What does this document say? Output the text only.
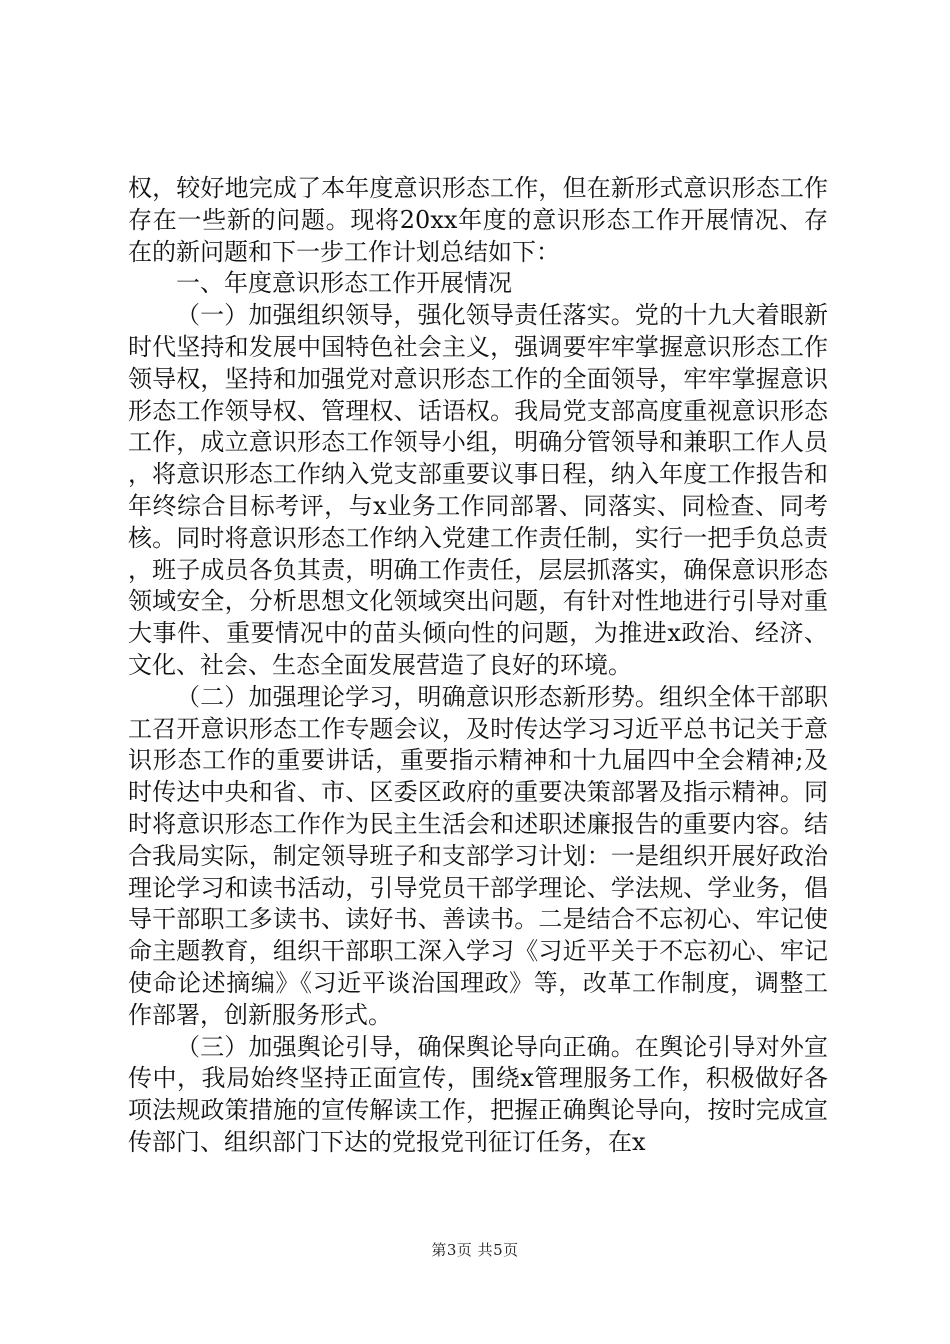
权，较好地完成了本年度意识形态工作，但在新形式意识形态工作存在一些新的问题。现将20xx年度的意识形态工作开展情况、存在的新问题和下一步工作计划总结如下：

一、年度意识形态工作开展情况

（一）加强组织领导，强化领导责任落实。党的十九大着眼新时代坚持和发展中国特色社会主义，强调要牢牢掌握意识形态工作领导权，坚持和加强党对意识形态工作的全面领导，牢牢掌握意识形态工作领导权、管理权、话语权。我局党支部高度重视意识形态工作，成立意识形态工作领导小组，明确分管领导和兼职工作人员，将意识形态工作纳入党支部重要议事日程，纳入年度工作报告和年终综合目标考评，与x业务工作同部署、同落实、同检查、同考核。同时将意识形态工作纳入党建工作责任制，实行一把手负总责，班子成员各负其责，明确工作责任，层层抓落实，确保意识形态领域安全，分析思想文化领域突出问题，有针对性地进行引导对重大事件、重要情况中的苗头倾向性的问题，为推进x政治、经济、文化、社会、生态全面发展营造了良好的环境。

（二）加强理论学习，明确意识形态新形势。组织全体干部职工召开意识形态工作专题会议，及时传达学习习近平总书记关于意识形态工作的重要讲话，重要指示精神和十九届四中全会精神;及时传达中央和省、市、区委区政府的重要决策部署及指示精神。同时将意识形态工作作为民主生活会和述职述廉报告的重要内容。结合我局实际，制定领导班子和支部学习计划：一是组织开展好政治理论学习和读书活动，引导党员干部学理论、学法规、学业务，倡导干部职工多读书、读好书、善读书。二是结合不忘初心、牢记使命主题教育，组织干部职工深入学习《习近平关于不忘初心、牢记使命论述摘编》《习近平谈治国理政》等，改革工作制度，调整工作部署，创新服务形式。

（三）加强舆论引导，确保舆论导向正确。在舆论引导对外宣传中，我局始终坚持正面宣传，围绕x管理服务工作，积极做好各项法规政策措施的宣传解读工作，把握正确舆论导向，按时完成宣传部门、组织部门下达的党报党刊征订任务，在x

第3页 共5页
